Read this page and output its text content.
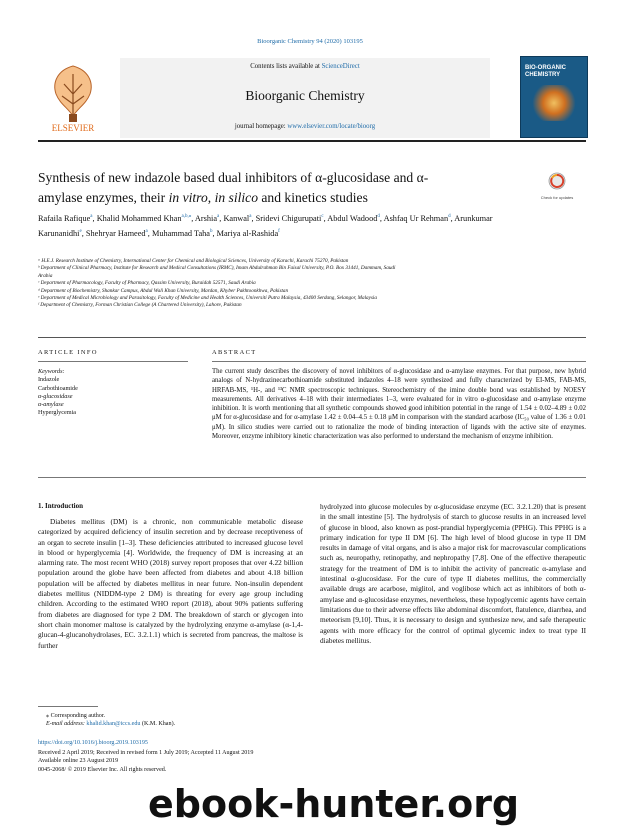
Bioorganic Chemistry 94 (2020) 103195
ELSEVIER
Contents lists available at ScienceDirect
Bioorganic Chemistry
journal homepage: www.elsevier.com/locate/bioorg
BIO-ORGANIC CHEMISTRY
Synthesis of new indazole based dual inhibitors of α-glucosidase and α-
amylase enzymes, their in vitro, in silico and kinetics studies	Check for updates
Rafaila Rafique$^a$, Khalid Mohammed Khan$^{a,b,⁎}$, Arshia$^a$, Kanwal$^a$, Sridevi Chigurupati$^c$, Abdul Wadood$^d$, Ashfaq Ur Rehman$^d$, Arunkumar Karunanidhi$^e$, Shehryar Hameed$^a$, Muhammad Taha$^b$, Mariya al-Rashida$^f$
ᵃ H.E.J. Research Institute of Chemistry, International Center for Chemical and Biological Sciences, University of Karachi, Karachi 75270, Pakistan
ᵇ Department of Clinical Pharmacy, Institute for Research and Medical Consultations (IRMC), Imam Abdulrahman Bin Faisal University, P.O. Box 31441, Dammam, Saudi
Arabia
ᶜ Department of Pharmacology, Faculty of Pharmacy, Qassim University, Buraidah 52571, Saudi Arabia
ᵈ Department of Biochemistry, Shankar Campus, Abdul Wali Khan University, Mardan, Khyber Pakhtoonkhwa, Pakistan
ᵉ Department of Medical Microbiology and Parasitology, Faculty of Medicine and Health Sciences, Universiti Putra Malaysia, 43400 Serdang, Selangor, Malaysia
ᶠ Department of Chemistry, Forman Christian College (A Chartered University), Lahore, Pakistan
ARTICLE INFO
Keywords:
Indazole
Carbothioamide
α-glucosidase
α-amylase
Hyperglycemia
ABSTRACT
The current study describes the discovery of novel inhibitors of α-glucosidase and α-amylase enzymes. For that purpose, new hybrid analogs of N-hydrazinecarbothioamide substituted indazoles 4–18 were synthesized and fully characterized by EI-MS, FAB-MS, HRFAB-MS, ¹H-, and ¹³C NMR spectroscopic techniques. Stereochemistry of the imine double bond was established by NOESY measurements. All derivatives 4–18 with their intermediates 1–3, were evaluated for in vitro α-glucosidase and α-amylase enzyme inhibition. It is worth mentioning that all synthetic compounds showed good inhibition potential in the range of 1.54 ± 0.02–4.89 ± 0.02 μM for α-glucosidase and for α-amylase 1.42 ± 0.04–4.5 ± 0.18 μM in comparison with the standard acarbose (IC₅₀ value of 1.36 ± 0.01 μM). In silico studies were carried out to rationalize the mode of binding interaction of ligands with the active site of enzymes. Moreover, enzyme inhibitory kinetic characterization was also performed to understand the mechanism of enzyme inhibition.
1. Introduction
Diabetes mellitus (DM) is a chronic, non communicable metabolic disease categorized by acquired deficiency of insulin secretion and by decrease receptiveness of an organ to secrete insulin [1–3]. These deficiencies attributed to increased glucose level in blood or hyperglycemia [4]. Worldwide, the frequency of DM is increasing at an alarming rate. The most recent WHO (2018) survey report proposes that over 4.22 billion population around the globe have been affected from diabetes and about 4.18 billion population will be affected by diabetes mellitus in near future. Non-insulin dependent diabetes mellitus (NIDDM-type 2 DM) is threating for every age group including children. According to the estimated WHO report (2018), about 90% patients suffering from diabetes are diagnosed for type 2 DM. The breakdown of starch or glycogen into short chain monomer maltose is catalyzed by the hydrolyzing enzyme α-amylase (α-1,4-glucan-4-glucanohydrolases, EC. 3.2.1.1) which is secreted from pancreas, the maltose is further
hydrolyzed into glucose molecules by α-glucosidase enzyme (EC. 3.2.1.20) that is present in the small intestine [5]. The hydrolysis of starch to glucose results in an increased level of glucose in blood, also known as post-prandial hyperglycemia (PPHG). This PPHG is a primary indication for type II DM [6]. The high level of blood glucose in type II DM results in damage of vital organs, and is also a major risk for macrovascular complications such as, neuropathy, retinopathy, and nephropathy [7,8]. One of the effective therapeutic strategy for the treatment of DM is to inhibit the activity of pancreatic α-amylase and intestinal α-glucosidase. For the cure of type II diabetes mellitus, the commercially available drugs are acarbose, miglitol, and voglibose which act as inhibitors of both α-amylase and α-glucosidase enzymes, nevertheless, these hypoglycemic agents have certain limitations due to their adverse effects like abdominal discomfort, flatulence, diarrhea, and meteorism [9,10]. Thus, it is necessary to design and synthesize new, and safe therapeutic agents with more efficacy for the control of optimal glycemic index to treat type II diabetes mellitus.
⁎ Corresponding author.
E-mail address: khalid.khan@iccs.edu (K.M. Khan).
https://doi.org/10.1016/j.bioorg.2019.103195
Received 2 April 2019; Received in revised form 1 July 2019; Accepted 11 August 2019
Available online 23 August 2019
0045-2068/ © 2019 Elsevier Inc. All rights reserved.
ebook-hunter.org
